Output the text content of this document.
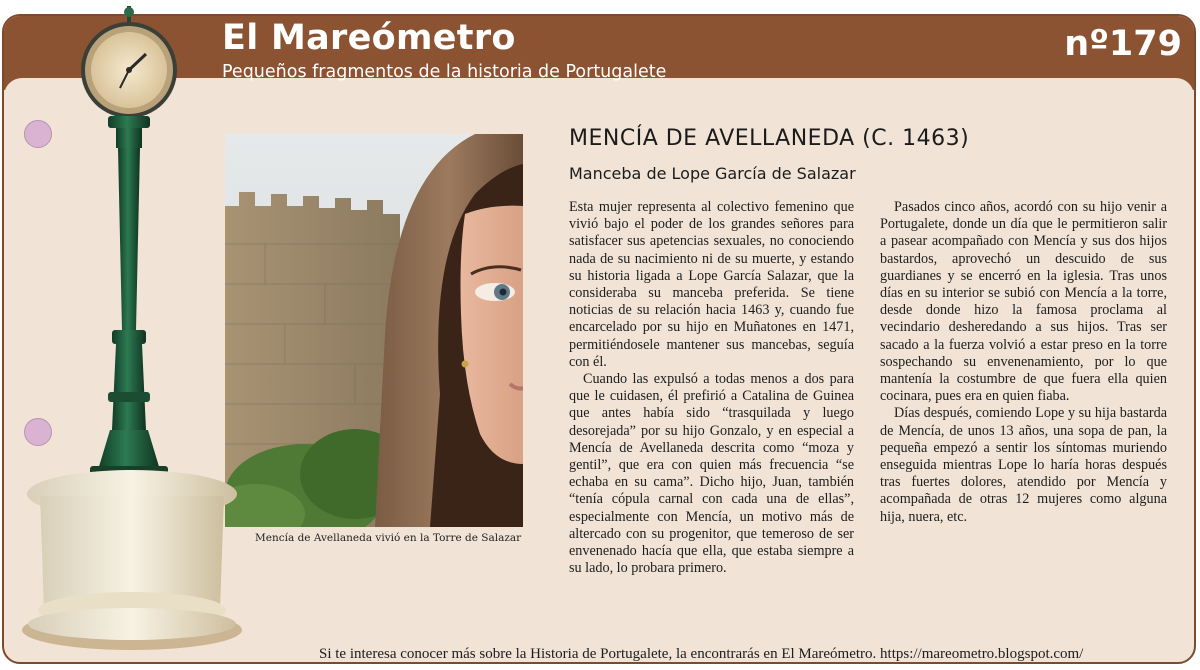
El Mareómetro
Pequeños fragmentos de la historia de Portugalete
nº179
Mencía de Avellaneda vivió en la Torre de Salazar
MENCÍA DE AVELLANEDA (C. 1463)
Manceba de Lope García de Salazar

Esta mujer representa al colectivo femenino que vivió bajo el poder de los grandes señores para satisfacer sus apetencias sexuales, no conociendo nada de su nacimiento ni de su muerte, y estando su historia ligada a Lope García Salazar, que la consideraba su manceba preferida. Se tiene noticias de su relación hacia 1463 y, cuando fue encarcelado por su hijo en Muñatones en 1471, permitiéndosele mantener sus mancebas, seguía con él.

Cuando las expulsó a todas menos a dos para que le cuidasen, él prefirió a Catalina de Guinea que antes había sido “trasquilada y luego desorejada” por su hijo Gonzalo, y en especial a Mencía de Avellaneda descrita como “moza y gentil”, que era con quien más frecuencia “se echaba en su cama”. Dicho hijo, Juan, también “tenía cópula carnal con cada una de ellas”, especialmente con Mencía, un motivo más de altercado con su progenitor, que temeroso de ser envenenado hacía que ella, que estaba siempre a su lado, lo probara primero.

Pasados cinco años, acordó con su hijo venir a Portugalete, donde un día que le permitieron salir a pasear acompañado con Mencía y sus dos hijos bastardos, aprovechó un descuido de sus guardianes y se encerró en la iglesia. Tras unos días en su interior se subió con Mencía a la torre, desde donde hizo la famosa proclama al vecindario desheredando a sus hijos. Tras ser sacado a la fuerza volvió a estar preso en la torre sospechando su envenenamiento, por lo que mantenía la costumbre de que fuera ella quien cocinara, pues era en quien fiaba.

Días después, comiendo Lope y su hija bastarda de Mencía, de unos 13 años, una sopa de pan, la pequeña empezó a sentir los síntomas muriendo enseguida mientras Lope lo haría horas después tras fuertes dolores, atendido por Mencía y acompañada de otras 12 mujeres como alguna hija, nuera, etc.

Si te interesa conocer más sobre la Historia de Portugalete, la encontrarás en El Mareómetro. https://mareometro.blogspot.com/
